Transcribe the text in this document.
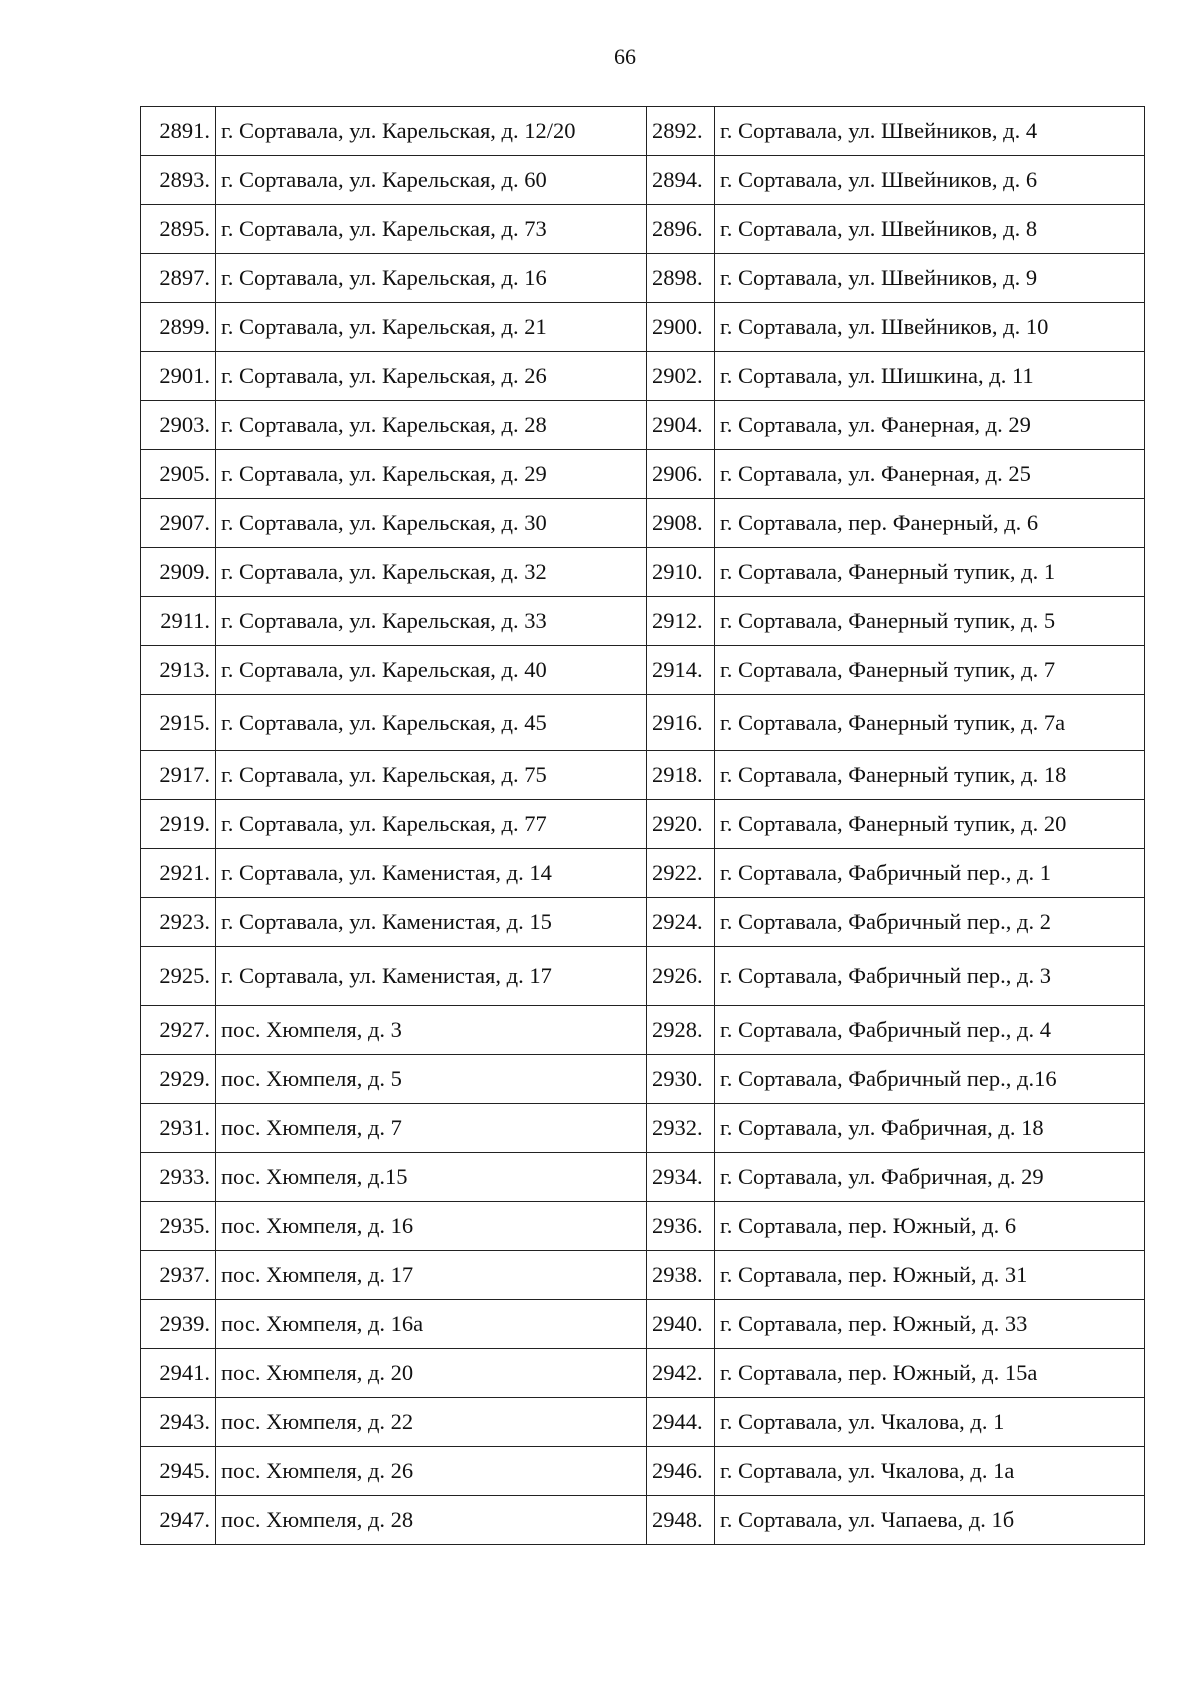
66
2891.	г. Сортавала, ул. Карельская, д. 12/20	2892.	г. Сортавала, ул. Швейников, д. 4
2893.	г. Сортавала, ул. Карельская, д. 60	2894.	г. Сортавала, ул. Швейников, д. 6
2895.	г. Сортавала, ул. Карельская, д. 73	2896.	г. Сортавала, ул. Швейников, д. 8
2897.	г. Сортавала, ул. Карельская, д. 16	2898.	г. Сортавала, ул. Швейников, д. 9
2899.	г. Сортавала, ул. Карельская, д. 21	2900.	г. Сортавала, ул. Швейников, д. 10
2901.	г. Сортавала, ул. Карельская, д. 26	2902.	г. Сортавала, ул. Шишкина, д. 11
2903.	г. Сортавала, ул. Карельская, д. 28	2904.	г. Сортавала, ул. Фанерная, д. 29
2905.	г. Сортавала, ул. Карельская, д. 29	2906.	г. Сортавала, ул. Фанерная, д. 25
2907.	г. Сортавала, ул. Карельская, д. 30	2908.	г. Сортавала, пер. Фанерный, д. 6
2909.	г. Сортавала, ул. Карельская, д. 32	2910.	г. Сортавала, Фанерный тупик, д. 1
2911.	г. Сортавала, ул. Карельская, д. 33	2912.	г. Сортавала, Фанерный тупик, д. 5
2913.	г. Сортавала, ул. Карельская, д. 40	2914.	г. Сортавала, Фанерный тупик, д. 7
2915.	г. Сортавала, ул. Карельская, д. 45	2916.	г. Сортавала, Фанерный тупик, д. 7а
2917.	г. Сортавала, ул. Карельская, д. 75	2918.	г. Сортавала, Фанерный тупик, д. 18
2919.	г. Сортавала, ул. Карельская, д. 77	2920.	г. Сортавала, Фанерный тупик, д. 20
2921.	г. Сортавала, ул. Каменистая, д. 14	2922.	г. Сортавала, Фабричный пер., д. 1
2923.	г. Сортавала, ул. Каменистая, д. 15	2924.	г. Сортавала, Фабричный пер., д. 2
2925.	г. Сортавала, ул. Каменистая, д. 17	2926.	г. Сортавала, Фабричный пер., д. 3
2927.	пос. Хюмпеля, д. 3	2928.	г. Сортавала, Фабричный пер., д. 4
2929.	пос. Хюмпеля, д. 5	2930.	г. Сортавала, Фабричный пер., д.16
2931.	пос. Хюмпеля, д. 7	2932.	г. Сортавала, ул. Фабричная, д. 18
2933.	пос. Хюмпеля, д.15	2934.	г. Сортавала, ул. Фабричная, д. 29
2935.	пос. Хюмпеля, д. 16	2936.	г. Сортавала, пер. Южный, д. 6
2937.	пос. Хюмпеля, д. 17	2938.	г. Сортавала, пер. Южный, д. 31
2939.	пос. Хюмпеля, д. 16а	2940.	г. Сортавала, пер. Южный, д. 33
2941.	пос. Хюмпеля, д. 20	2942.	г. Сортавала, пер. Южный, д. 15а
2943.	пос. Хюмпеля, д. 22	2944.	г. Сортавала, ул. Чкалова, д. 1
2945.	пос. Хюмпеля, д. 26	2946.	г. Сортавала, ул. Чкалова, д. 1а
2947.	пос. Хюмпеля, д. 28	2948.	г. Сортавала, ул. Чапаева, д. 1б
